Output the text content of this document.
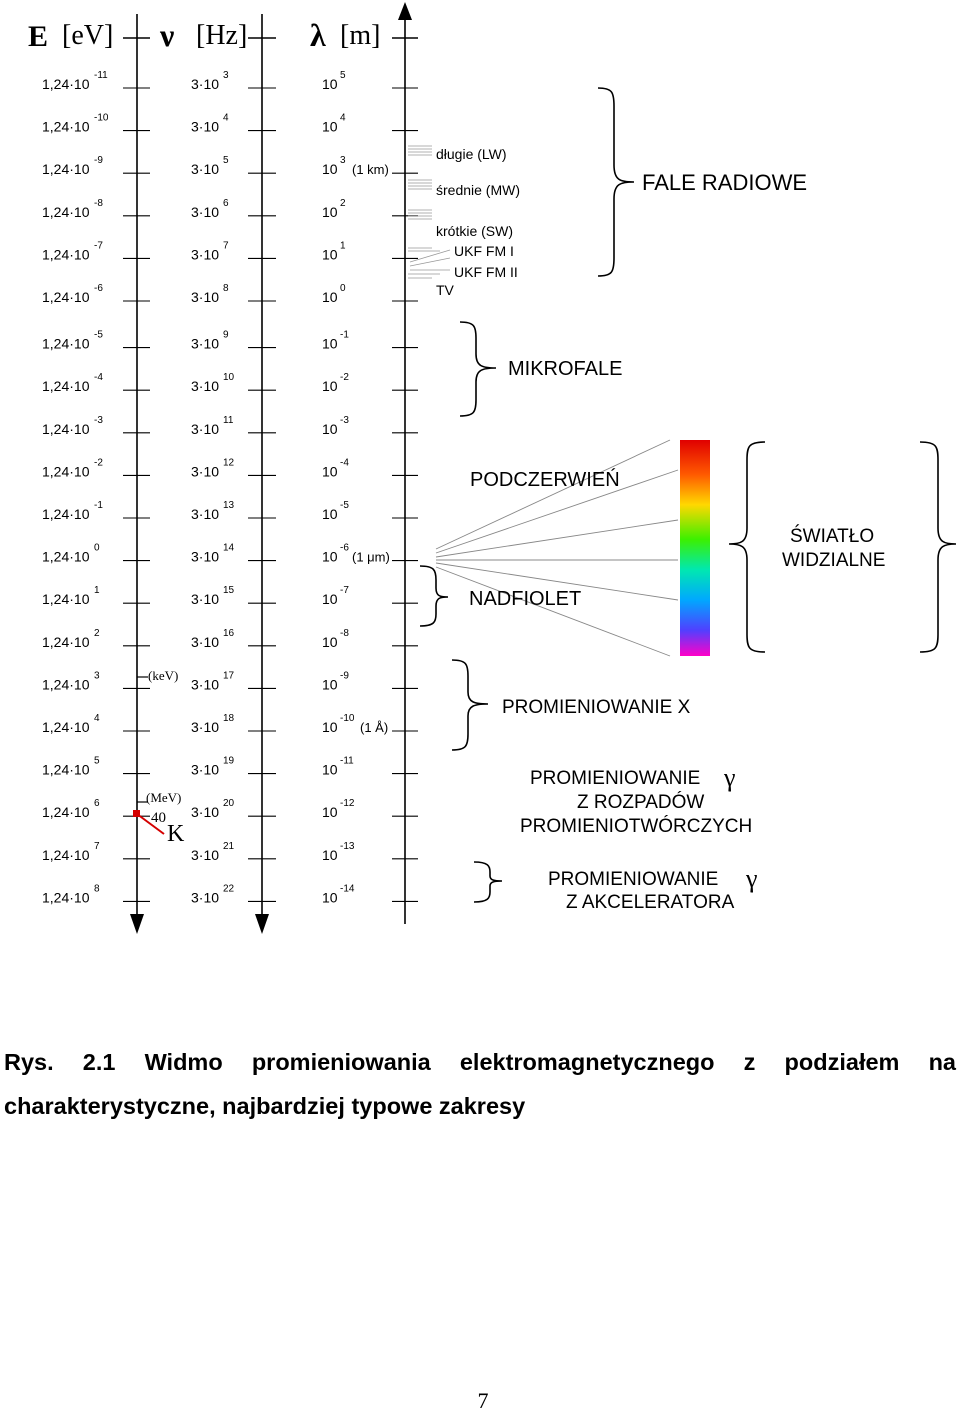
E [eV] ν [Hz] λ [m]
1,24·10
-11
3·10
3
10
5
1,24·10
-10
3·10
4
10
4
1,24·10
-9
3·10
5
10
3
(1 km)
1,24·10
-8
3·10
6
10
2
1,24·10
-7
3·10
7
10
1
1,24·10
-6
3·10
8
10
0
1,24·10
-5
3·10
9
10
-1
1,24·10
-4
3·10
10
10
-2
1,24·10
-3
3·10
11
10
-3
1,24·10
-2
3·10
12
10
-4
1,24·10
-1
3·10
13
10
-5
1,24·10
0
3·10
14
10
-6
(1 μm)
1,24·10
1
3·10
15
10
-7
1,24·10
2
3·10
16
10
-8
1,24·10
3
3·10
17
10
-9
1,24·10
4
3·10
18
10
-10
(1 Å)
1,24·10
5
3·10
19
10
-11
1,24·10
6
3·10
20
10
-12
1,24·10
7
3·10
21
10
-13
1,24·10
8
3·10
22
10
-14
(keV)
(MeV)
40
K
długie (LW)
średnie (MW)
krótkie (SW)
UKF FM I
UKF FM II
TV
FALE RADIOWE
MIKROFALE
PODCZERWIEŃ
ŚWIATŁO
WIDZIALNE
NADFIOLET
PROMIENIOWANIE X
PROMIENIOWANIE γ
Z ROZPADÓW
PROMIENIOTWÓRCZYCH
PROMIENIOWANIE γ
Z AKCELERATORA
Rys. 2.1 Widmo promieniowania elektromagnetycznego z podziałem na charakterystyczne, najbardziej typowe zakresy
7
